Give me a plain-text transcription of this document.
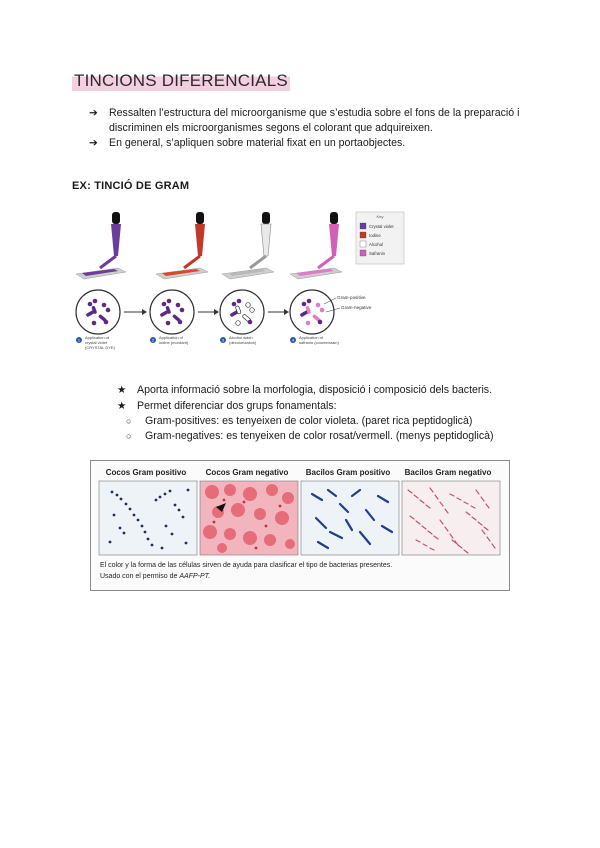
TINCIONS DIFERENCIALS
➔	Ressalten l’estructura del microorganisme que s’estudia sobre el fons de la preparació i discriminen els microorganismes segons el colorant que adquireixen.
➔	En general, s’apliquen sobre material fixat en un portaobjectes.
EX: TINCIÓ DE GRAM
Key
Crystal violet
Iodine
Alcohol
Safranin
Gram-positive
Gram-negative
1
Application of
crystal violet
(CRYSTAL DYE)
2
Application of
iodine (mordant)	3
Alcohol wash
(decolorization)	4
Application of
safranin (counterstain)
★ Aporta informació sobre la morfologia, disposició i composició dels bacteris.
★ Permet diferenciar dos grups fonamentals:
○	Gram-positives: es tenyeixen de color violeta. (paret rica peptidoglicà)
○	Gram-negatives: es tenyeixen de color rosat/vermell. (menys peptidoglicà)
Cocos Gram positivo Cocos Gram negativo Bacilos Gram positivo Bacilos Gram negativo
El color y la forma de las células sirven de ayuda para clasificar el tipo de bacterias presentes.
Usado con el permiso de AAFP-PT.
